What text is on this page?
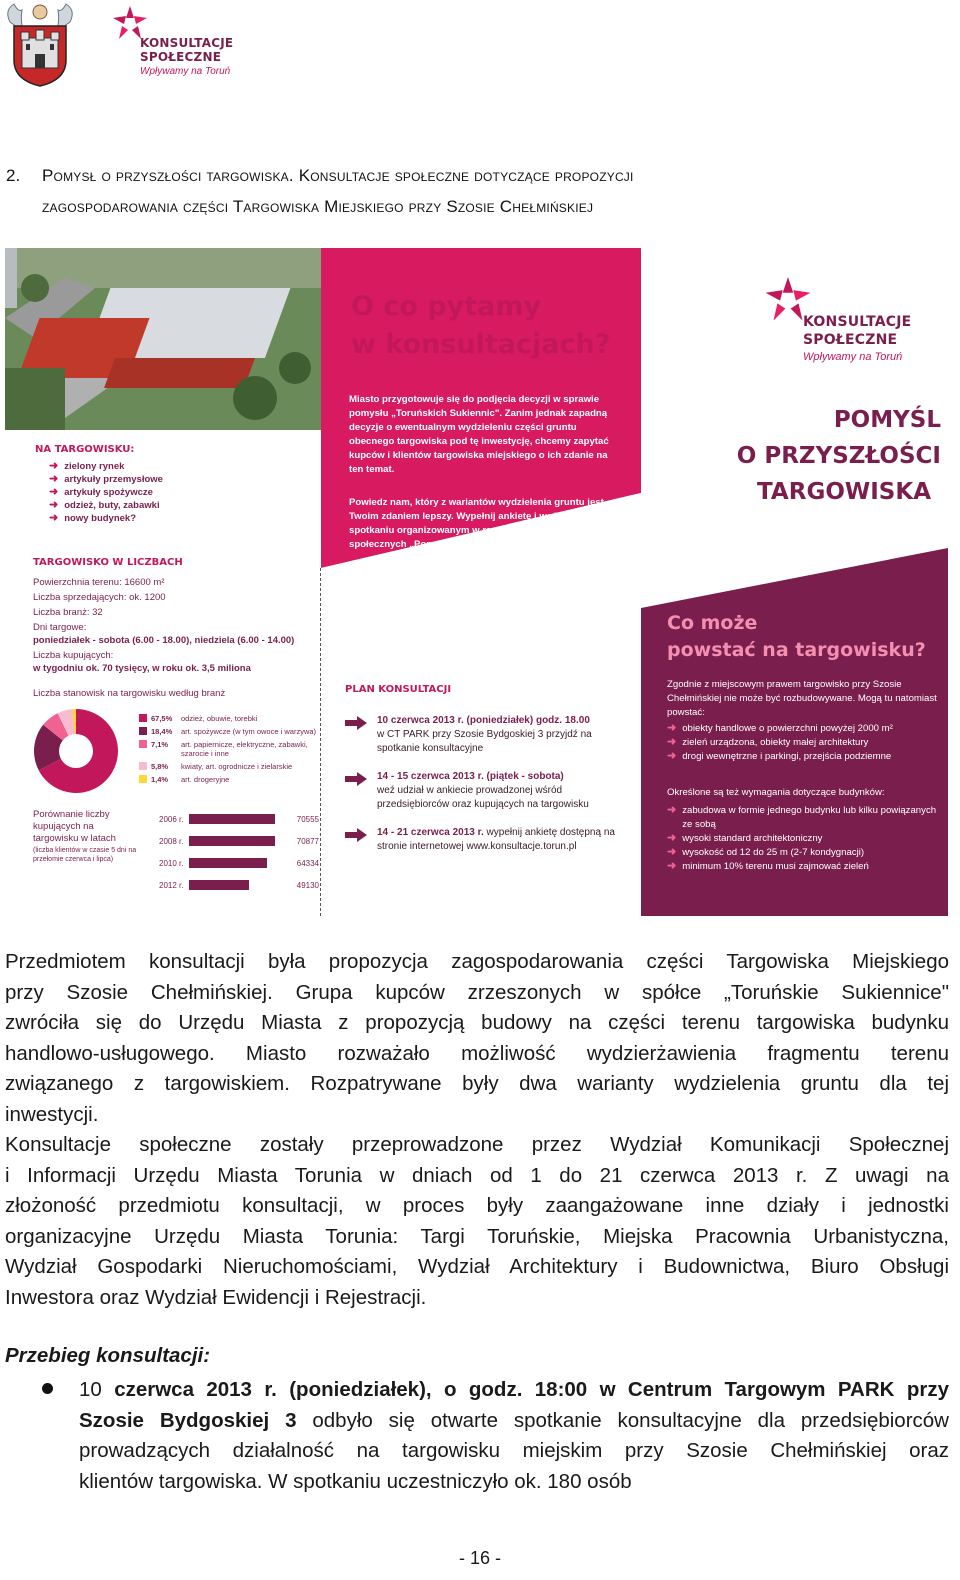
KONSULTACJE
SPOŁECZNE
Wpływamy na Toruń
2. Pomysł o przyszłości targowiska. Konsultacje społeczne dotyczące propozycji
zagospodarowania części Targowiska Miejskiego przy Szosie Chełmińskiej
NA TARGOWISKU:
➜ zielony rynek
➜ artykuły przemysłowe
➜ artykuły spożywcze
➜ odzież, buty, zabawki
➜ nowy budynek?
TARGOWISKO W LICZBACH
Powierzchnia terenu: 16600 m²
Liczba sprzedających: ok. 1200
Liczba branż: 32
Dni targowe:
poniedziałek - sobota (6.00 - 18.00), niedziela (6.00 - 14.00)
Liczba kupujących:
w tygodniu ok. 70 tysięcy, w roku ok. 3,5 miliona
Liczba stanowisk na targowisku według branż
67,5%	odzież, obuwie, torebki
18,4%	art. spożywcze (w tym owoce i warzywa)
7,1%	art. papiernicze, elektryczne, zabawki, szarocie i inne
5,8%	kwiaty, art. ogrodnicze i zielarskie
1,4%	art. drogeryjne
Porównanie liczby kupujących na targowisku w latach
(liczba klientów w czasie 5 dni na przełomie czerwca i lipca)
2006 r.	70555
2008 r.	70877
2010 r.	64334
2012 r.	49130
O co pytamy
w konsultacjach?
Miasto przygotowuje się do podjęcia decyzji w sprawie pomysłu „Toruńskich Sukiennic". Zanim jednak zapadną decyzje o ewentualnym wydzieleniu części gruntu obecnego targowiska pod tę inwestycję, chcemy zapytać kupców i klientów targowiska miejskiego o ich zdanie na ten temat.
Powiedz nam, który z wariantów wydzielenia gruntu jest Twoim zdaniem lepszy. Wypełnij ankietę i weź udział w spotkaniu organizowanym w ramach konsultacji społecznych „Pomysł o przyszłości targowiska".
PLAN KONSULTACJI
10 czerwca 2013 r. (poniedziałek) godz. 18.00
w CT PARK przy Szosie Bydgoskiej 3 przyjdź na spotkanie konsultacyjne
14 - 15 czerwca 2013 r. (piątek - sobota)
weź udział w ankiecie prowadzonej wśród przedsiębiorców oraz kupujących na targowisku
14 - 21 czerwca 2013 r. wypełnij ankietę dostępną na stronie internetowej www.konsultacje.torun.pl
KONSULTACJE
SPOŁECZNE
Wpływamy na Toruń
POMYŚL
O PRZYSZŁOŚCI
TARGOWISKA
Co może
powstać na targowisku?
Zgodnie z miejscowym prawem targowisko przy Szosie Chełmińskiej nie może być rozbudowywane. Mogą tu natomiast powstać:
➜ obiekty handlowe o powierzchni powyżej 2000 m²
➜ zieleń urządzona, obiekty małej architektury
➜ drogi wewnętrzne i parkingi, przejścia podziemne
Określone są też wymagania dotyczące budynków:
➜ zabudowa w formie jednego budynku lub kilku powiązanych ze sobą
➜ wysoki standard architektoniczny
➜ wysokość od 12 do 25 m (2-7 kondygnacji)
➜ minimum 10% terenu musi zajmować zieleń
Przedmiotem konsultacji była propozycja zagospodarowania części Targowiska Miejskiego
przy Szosie Chełmińskiej. Grupa kupców zrzeszonych w spółce „Toruńskie Sukiennice"
zwróciła się do Urzędu Miasta z propozycją budowy na części terenu targowiska budynku
handlowo-usługowego. Miasto rozważało możliwość wydzierżawienia fragmentu terenu
związanego z targowiskiem. Rozpatrywane były dwa warianty wydzielenia gruntu dla tej
inwestycji.
Konsultacje społeczne zostały przeprowadzone przez Wydział Komunikacji Społecznej
i Informacji Urzędu Miasta Torunia w dniach od 1 do 21 czerwca 2013 r. Z uwagi na
złożoność przedmiotu konsultacji, w proces były zaangażowane inne działy i jednostki
organizacyjne Urzędu Miasta Torunia: Targi Toruńskie, Miejska Pracownia Urbanistyczna,
Wydział Gospodarki Nieruchomościami, Wydział Architektury i Budownictwa, Biuro Obsługi
Inwestora oraz Wydział Ewidencji i Rejestracji.
Przebieg konsultacji:
10 czerwca 2013 r. (poniedziałek), o godz. 18:00 w Centrum Targowym PARK przy
Szosie Bydgoskiej 3 odbyło się otwarte spotkanie konsultacyjne dla przedsiębiorców
prowadzących działalność na targowisku miejskim przy Szosie Chełmińskiej oraz
klientów targowiska. W spotkaniu uczestniczyło ok. 180 osób
- 16 -
